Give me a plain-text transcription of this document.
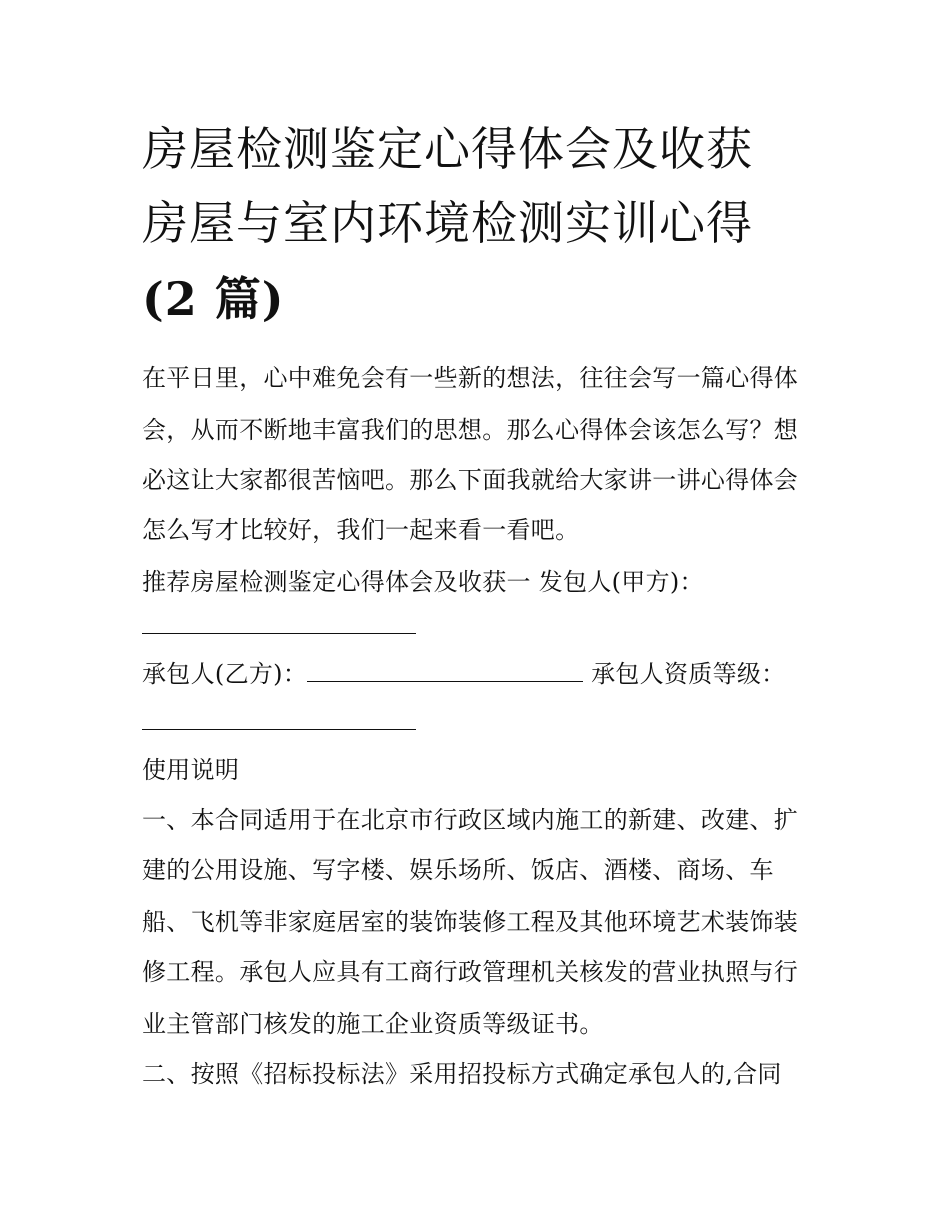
房屋检测鉴定心得体会及收获
房屋与室内环境检测实训心得
(2 篇)
在平日里，心中难免会有一些新的想法，往往会写一篇心得体
会，从而不断地丰富我们的思想。那么心得体会该怎么写？想
必这让大家都很苦恼吧。那么下面我就给大家讲一讲心得体会
怎么写才比较好，我们一起来看一看吧。
推荐房屋检测鉴定心得体会及收获一 发包人(甲方)：
承包人(乙方)：	承包人资质等级：
使用说明
一、本合同适用于在北京市行政区域内施工的新建、改建、扩
建的公用设施、写字楼、娱乐场所、饭店、酒楼、商场、车
船、飞机等非家庭居室的装饰装修工程及其他环境艺术装饰装
修工程。承包人应具有工商行政管理机关核发的营业执照与行
业主管部门核发的施工企业资质等级证书。
二、按照《招标投标法》采用招投标方式确定承包人的,合同
